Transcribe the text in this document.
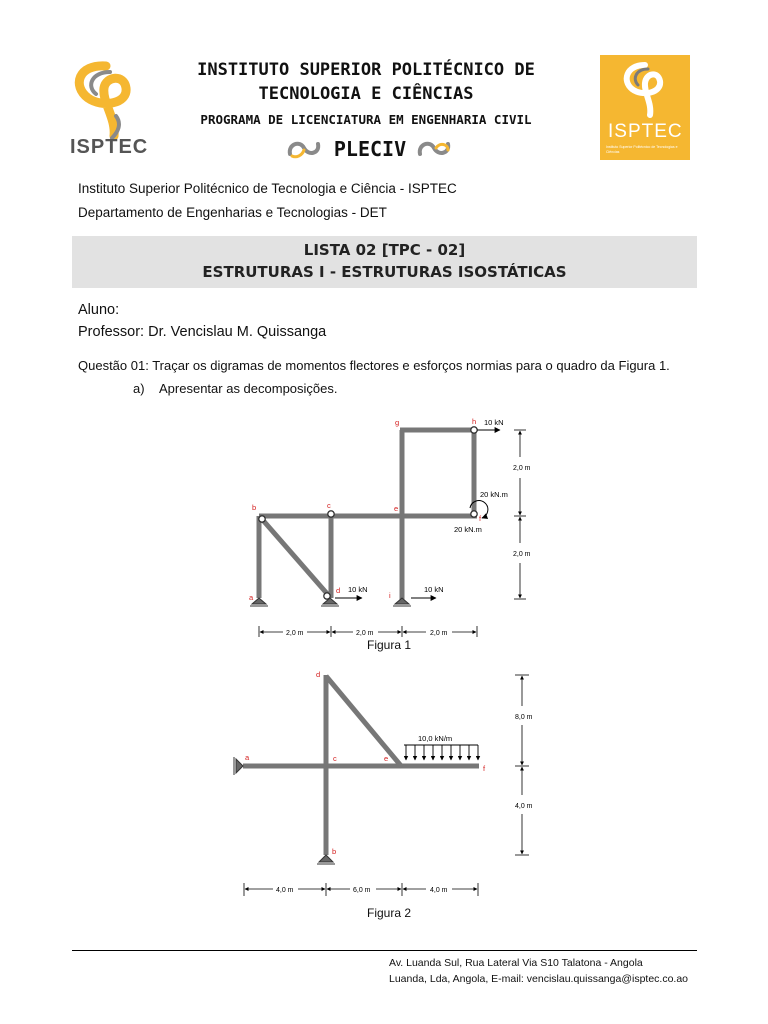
ISPTEC
ISPTEC
Instituto Superior Politécnico de Tecnologias e Ciências
INSTITUTO SUPERIOR POLITÉCNICO DE
TECNOLOGIA E CIÊNCIAS
PROGRAMA DE LICENCIATURA EM ENGENHARIA CIVIL
PLECIV
Instituto Superior Politécnico de Tecnologia e Ciência - ISPTEC
Departamento de Engenharias e Tecnologias - DET
LISTA 02 [TPC - 02]
ESTRUTURAS I - ESTRUTURAS ISOSTÁTICAS
Aluno:
Professor: Dr. Vencislau M. Quissanga
Questão 01: Traçar os digramas de momentos flectores e esforços normias para o quadro da Figura 1.
a)    Apresentar as decomposições.
a
b	c
d
e
f
g	h
i
10 kN
10 kN	10 kN
20 kN.m
20 kN.m
2,0 m	2,0 m	2,0 m
2,0 m
2,0 m
Figura 1
10,0 kN/m
a
b
c
d
e
f
4,0 m	6,0 m	4,0 m
8,0 m
4,0 m
Figura 2
Av. Luanda Sul, Rua Lateral Via S10 Talatona - Angola
Luanda, Lda, Angola, E-mail: vencislau.quissanga@isptec.co.ao
